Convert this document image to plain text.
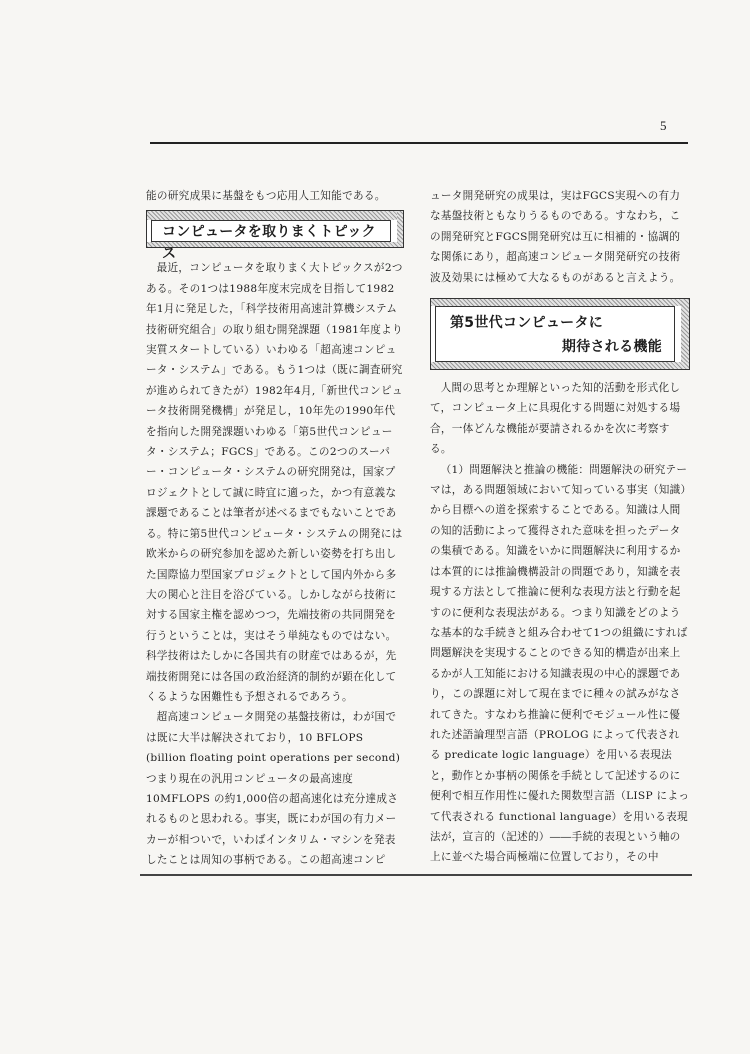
5

能の研究成果に基盤をもつ応用人工知能である。

コンピュータを取りまくトピックス

最近，コンピュータを取りまく大トピックスが2つある。その1つは1988年度末完成を目指して1982年1月に発足した，「科学技術用高速計算機システム技術研究組合」の取り組む開発課題（1981年度より実質スタートしている）いわゆる「超高速コンピュータ・システム」である。もう1つは（既に調査研究が進められてきたが）1982年4月,「新世代コンピュータ技術開発機構」が発足し，10年先の1990年代を指向した開発課題いわゆる「第5世代コンピュータ・システム；FGCS」である。この2つのスーパー・コンピュータ・システムの研究開発は，国家プロジェクトとして誠に時宜に適った，かつ有意義な課題であることは筆者が述べるまでもないことである。特に第5世代コンピュータ・システムの開発には欧米からの研究参加を認めた新しい姿勢を打ち出した国際協力型国家プロジェクトとして国内外から多大の関心と注目を浴びている。しかしながら技術に対する国家主権を認めつつ，先端技術の共同開発を行うということは，実はそう単純なものではない。科学技術はたしかに各国共有の財産ではあるが，先端技術開発には各国の政治経済的制約が顕在化してくるような困難性も予想されるであろう。

超高速コンピュータ開発の基盤技術は，わが国では既に大半は解決されており，10 BFLOPS (billion floating point operations per second) つまり現在の汎用コンピュータの最高速度10MFLOPS の約1,000倍の超高速化は充分達成されるものと思われる。事実，既にわが国の有力メーカーが相ついで，いわばインタリム・マシンを発表したことは周知の事柄である。この超高速コンピ

ュータ開発研究の成果は，実はFGCS実現への有力な基盤技術ともなりうるものである。すなわち，この開発研究とFGCS開発研究は互に相補的・協調的な関係にあり，超高速コンピュータ開発研究の技術波及効果には極めて大なるものがあると言えよう。

第5世代コンピュータに
期待される機能

人間の思考とか理解といった知的活動を形式化して，コンピュータ上に具現化する問題に対処する場合，一体どんな機能が要請されるかを次に考察する。

（1）問題解決と推論の機能：問題解決の研究テーマは，ある問題領域において知っている事実（知識）から目標への道を探索することである。知識は人間の知的活動によって獲得された意味を担ったデータの集積である。知識をいかに問題解決に利用するかは本質的には推論機構設計の問題であり，知識を表現する方法として推論に便利な表現方法と行動を起すのに便利な表現法がある。つまり知識をどのような基本的な手続きと組み合わせて1つの組織にすれば問題解決を実現することのできる知的構造が出来上るかが人工知能における知識表現の中心的課題であり，この課題に対して現在までに種々の試みがなされてきた。すなわち推論に便利でモジュール性に優れた述語論理型言語（PROLOG によって代表される predicate logic language）を用いる表現法と，動作とか事柄の関係を手続として記述するのに便利で相互作用性に優れた関数型言語（LISP によって代表される functional language）を用いる表現法が，宣言的（記述的）――手続的表現という軸の上に並べた場合両極端に位置しており，その中
